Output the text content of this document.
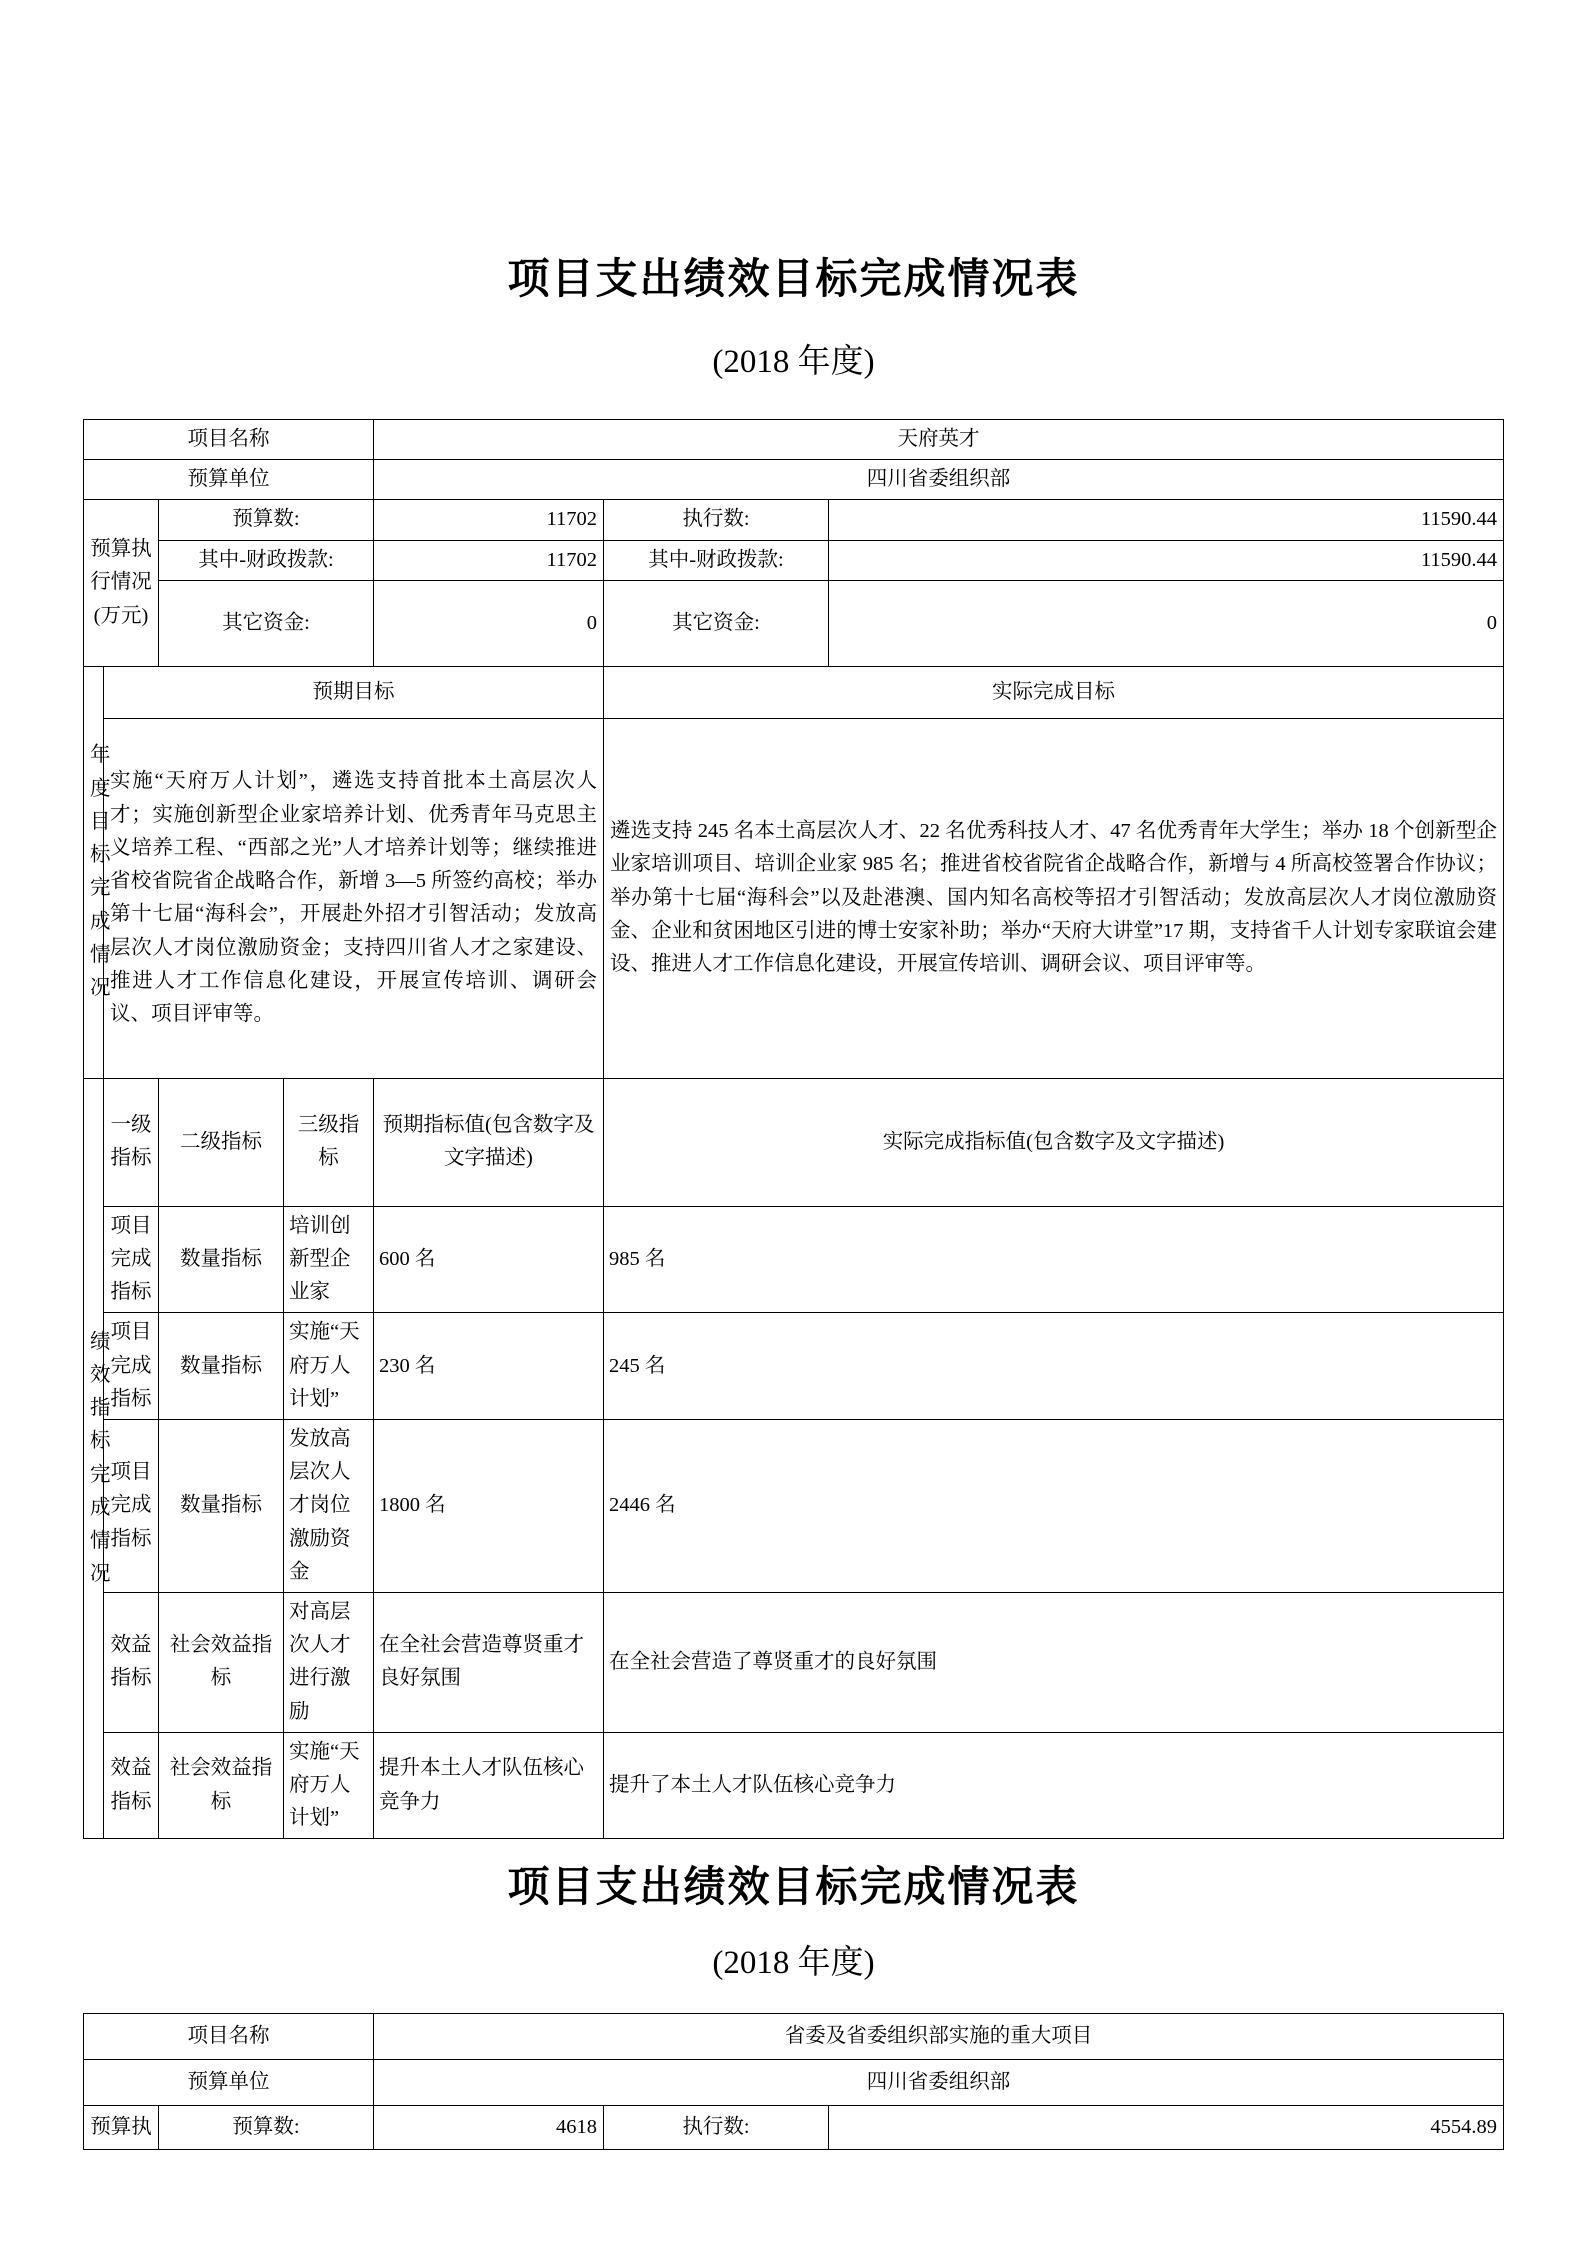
项目支出绩效目标完成情况表
(2018 年度)
项目名称				天府英才		
预算单位				四川省委组织部		
预算执行情况(万元)		预算数:		11702	执行数:	11590.44
		其中-财政拨款:		11702	其中-财政拨款:	11590.44
		其它资金:		0	其它资金:	0
年度目标完成情况	预期目标				实际完成目标	
	实施“天府万人计划”，遴选支持首批本土高层次人才；实施创新型企业家培养计划、优秀青年马克思主义培养工程、“西部之光”人才培养计划等；继续推进省校省院省企战略合作，新增 3—5 所签约高校；举办第十七届“海科会”，开展赴外招才引智活动；发放高层次人才岗位激励资金；支持四川省人才之家建设、推进人才工作信息化建设，开展宣传培训、调研会议、项目评审等。				遴选支持 245 名本土高层次人才、22 名优秀科技人才、47 名优秀青年大学生；举办 18 个创新型企业家培训项目、培训企业家 985 名；推进省校省院省企战略合作，新增与 4 所高校签署合作协议；举办第十七届“海科会”以及赴港澳、国内知名高校等招才引智活动；发放高层次人才岗位激励资金、企业和贫困地区引进的博士安家补助；举办“天府大讲堂”17 期，支持省千人计划专家联谊会建设、推进人才工作信息化建设，开展宣传培训、调研会议、项目评审等。	
绩效指标完成情况	一级指标	二级指标	三级指标	预期指标值(包含数字及文字描述)	实际完成指标值(包含数字及文字描述)	
	项目完成指标	数量指标	培训创新型企业家	600 名	985 名	
	项目完成指标	数量指标	实施“天府万人计划”	230 名	245 名	
	项目完成指标	数量指标	发放高层次人才岗位激励资金	1800 名	2446 名	
	效益指标	社会效益指标	对高层次人才进行激励	在全社会营造尊贤重才良好氛围	在全社会营造了尊贤重才的良好氛围	
	效益指标	社会效益指标	实施“天府万人计划”	提升本土人才队伍核心竞争力	提升了本土人才队伍核心竞争力	
项目支出绩效目标完成情况表
(2018 年度)
项目名称		省委及省委组织部实施的重大项目		
预算单位		四川省委组织部		
预算执	预算数:	4618	执行数:	4554.89
